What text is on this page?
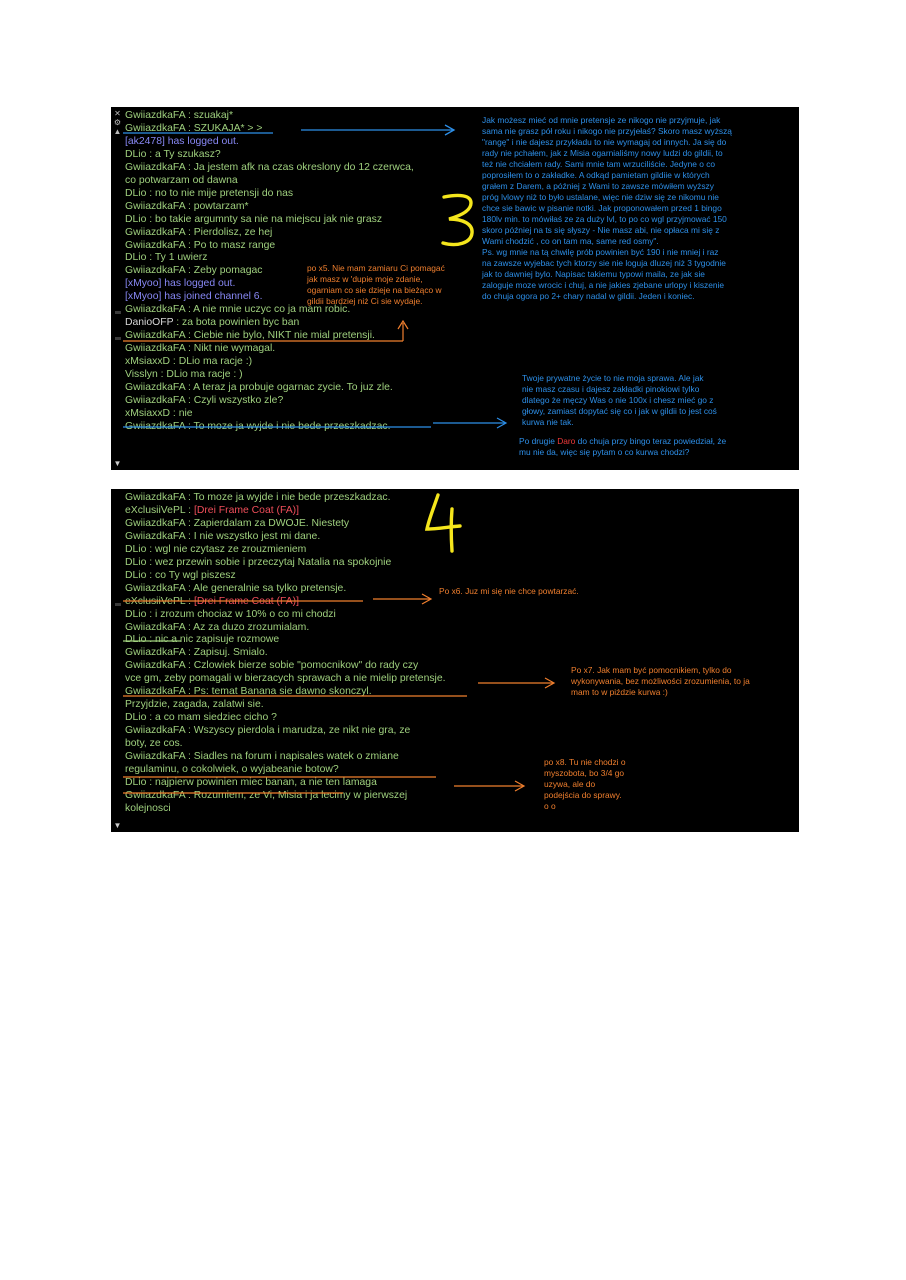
✕
⚙
▲
▼
GwiiazdkaFA : szuakaj*
GwiiazdkaFA : SZUKAJA* > >
[ak2478] has logged out.
DLio : a Ty szukasz?
GwiiazdkaFA : Ja jestem afk na czas okreslony do 12 czerwca,
co potwarzam od dawna
DLio : no to nie mije pretensji do nas
GwiiazdkaFA : powtarzam*
DLio : bo takie argumnty sa nie na miejscu jak nie grasz
GwiiazdkaFA : Pierdolisz, ze hej
GwiiazdkaFA : Po to masz range
DLio : Ty 1 uwierz
GwiiazdkaFA : Zeby pomagac
[xMyoo] has logged out.
[xMyoo] has joined channel 6.
GwiiazdkaFA : A nie mnie uczyc co ja mam robic.
DanioOFP : za bota powinien byc ban
GwiiazdkaFA : Ciebie nie bylo, NIKT nie mial pretensji.
GwiiazdkaFA : Nikt nie wymagal.
xMsiaxxD : DLio ma racje :)
Visslyn : DLio ma racje : )
GwiiazdkaFA : A teraz ja probuje ogarnac zycie. To juz zle.
GwiiazdkaFA : Czyli wszystko zle?
xMsiaxxD : nie
GwiiazdkaFA : To moze ja wyjde i nie bede przeszkadzac.

Jak możesz mieć od mnie pretensje ze nikogo nie przyjmuje, jak
sama nie grasz pół roku i nikogo nie przyjełaś? Skoro masz wyższą
"rangę" i nie dajesz przykładu to nie wymagaj od innych. Ja się do
rady nie pchałem, jak z Misia ogarnialiśmy nowy ludzi do gildii, to
też nie chciałem rady. Sami mnie tam wrzuciliście. Jedyne o co
poprosiłem to o zakładke. A odkąd pamietam gildiie w których
grałem z Darem, a później z Wami to zawsze mówiłem wyższy
próg lvlowy niż to było ustalane, więc nie dziw się ze nikomu nie
chce sie bawic w pisanie notki. Jak proponowałem przed 1 bingo
180lv min. to mówiłaś ze za duży lvl, to po co wgl przyjmować 150
skoro później na ts się słyszy - Nie masz abi, nie opłaca mi się z
Wami chodzić , co on tam ma, same red osmy".
Ps. wg mnie na tą chwilę prób powinien być 190 i nie mniej i raz
na zawsze wyjebac tych ktorzy sie nie loguja dluzej niż 3 tygodnie
jak to dawniej bylo. Napisac takiemu typowi maila, ze jak sie
zaloguje moze wrocic i chuj, a nie jakies zjebane urlopy i kiszenie
do chuja ogora po 2+ chary nadal w gildii. Jeden i koniec.

po x5. Nie mam zamiaru Ci pomagać
jak masz w 'dupie moje zdanie,
ogarniam co sie dzieje na bieżąco w
gildii bardziej niż Ci sie wydaje.

Twoje prywatne życie to nie moja sprawa. Ale jak
nie masz czasu i dajesz zakładki pinokiowi tylko
dlatego że męczy Was o nie 100x i chesz mieć go z
głowy, zamiast dopytać się co i jak w gildii to jest coś
kurwa nie tak.

Po drugie Daro do chuja przy bingo teraz powiedział, że
mu nie da, więc się pytam o co kurwa chodzi?

▼
GwiiazdkaFA : To moze ja wyjde i nie bede przeszkadzac.
eXclusiiVePL : [Drei Frame Coat (FA)]
GwiiazdkaFA : Zapierdalam za DWOJE. Niestety
GwiiazdkaFA : I nie wszystko jest mi dane.
DLio : wgl nie czytasz ze zrouzmieniem
DLio : wez przewin sobie i przeczytaj Natalia na spokojnie
DLio : co Ty wgl piszesz
GwiiazdkaFA : Ale generalnie sa tylko pretensje.
eXclusiiVePL : [Drei Frame Coat (FA)]
DLio : i zrozum chociaz w 10% o co mi chodzi
GwiiazdkaFA : Az za duzo zrozumialam.
DLio : nic a nic zapisuje rozmowe
GwiiazdkaFA : Zapisuj. Smialo.
GwiiazdkaFA : Czlowiek bierze sobie "pomocnikow" do rady czy
vce gm, zeby pomagali w bierzacych sprawach a nie mielip pretensje.
GwiiazdkaFA : Ps: temat Banana sie dawno skonczyl.
Przyjdzie, zagada, zalatwi sie.
DLio : a co mam siedziec cicho ?
GwiiazdkaFA : Wszyscy pierdola i marudza, ze nikt nie gra, ze
boty, ze cos.
GwiiazdkaFA : Siadles na forum i napisales watek o zmiane
regulaminu, o cokolwiek, o wyjabeanie botow?
DLio : najpierw powinien miec banan, a nie ten lamaga
GwiiazdkaFA : Rozumiem, ze Vi, Misia i ja lecimy w pierwszej
kolejnosci

Po x6. Juz mi się nie chce powtarzać.

Po x7. Jak mam być pomocnikiem, tylko do
wykonywania, bez możliwości zrozumienia, to ja
mam to w piździe kurwa :)

po x8. Tu nie chodzi o
myszobota, bo 3/4 go
uzywa, ale do
podejścia do sprawy.
o o
